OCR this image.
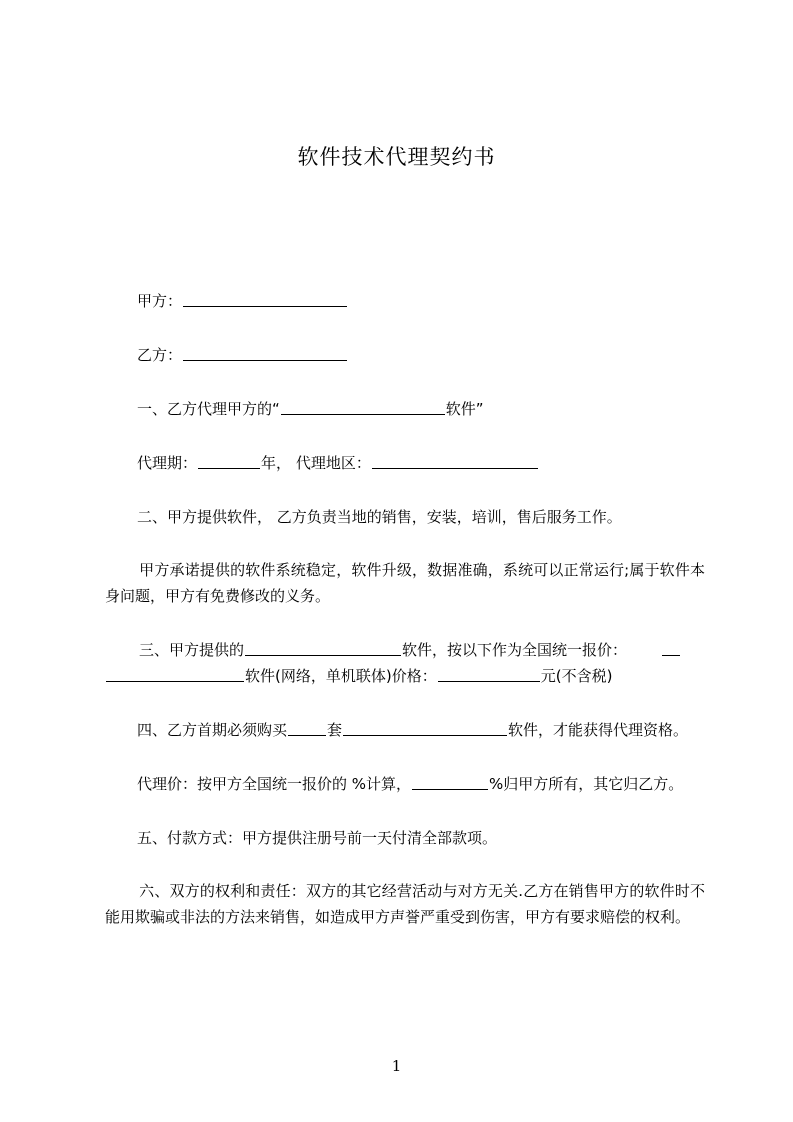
软件技术代理契约书
甲方：
乙方：
一、乙方代理甲方的“	软件”
代理期：	年， 代理地区：
二、甲方提供软件， 乙方负责当地的销售，安装，培训，售后服务工作。
甲方承诺提供的软件系统稳定，软件升级，数据准确，系统可以正常运行;属于软件本身问题，甲方有免费修改的义务。
三、甲方提供的	软件，按以下作为全国统一报价：
软件(网络，单机联体)价格：	元(不含税)
四、乙方首期必须购买	套	软件，才能获得代理资格。
代理价：按甲方全国统一报价的 %计算，	%归甲方所有，其它归乙方。
五、付款方式：甲方提供注册号前一天付清全部款项。
六、双方的权利和责任：双方的其它经营活动与对方无关.乙方在销售甲方的软件时不能用欺骗或非法的方法来销售，如造成甲方声誉严重受到伤害，甲方有要求赔偿的权利。
1
